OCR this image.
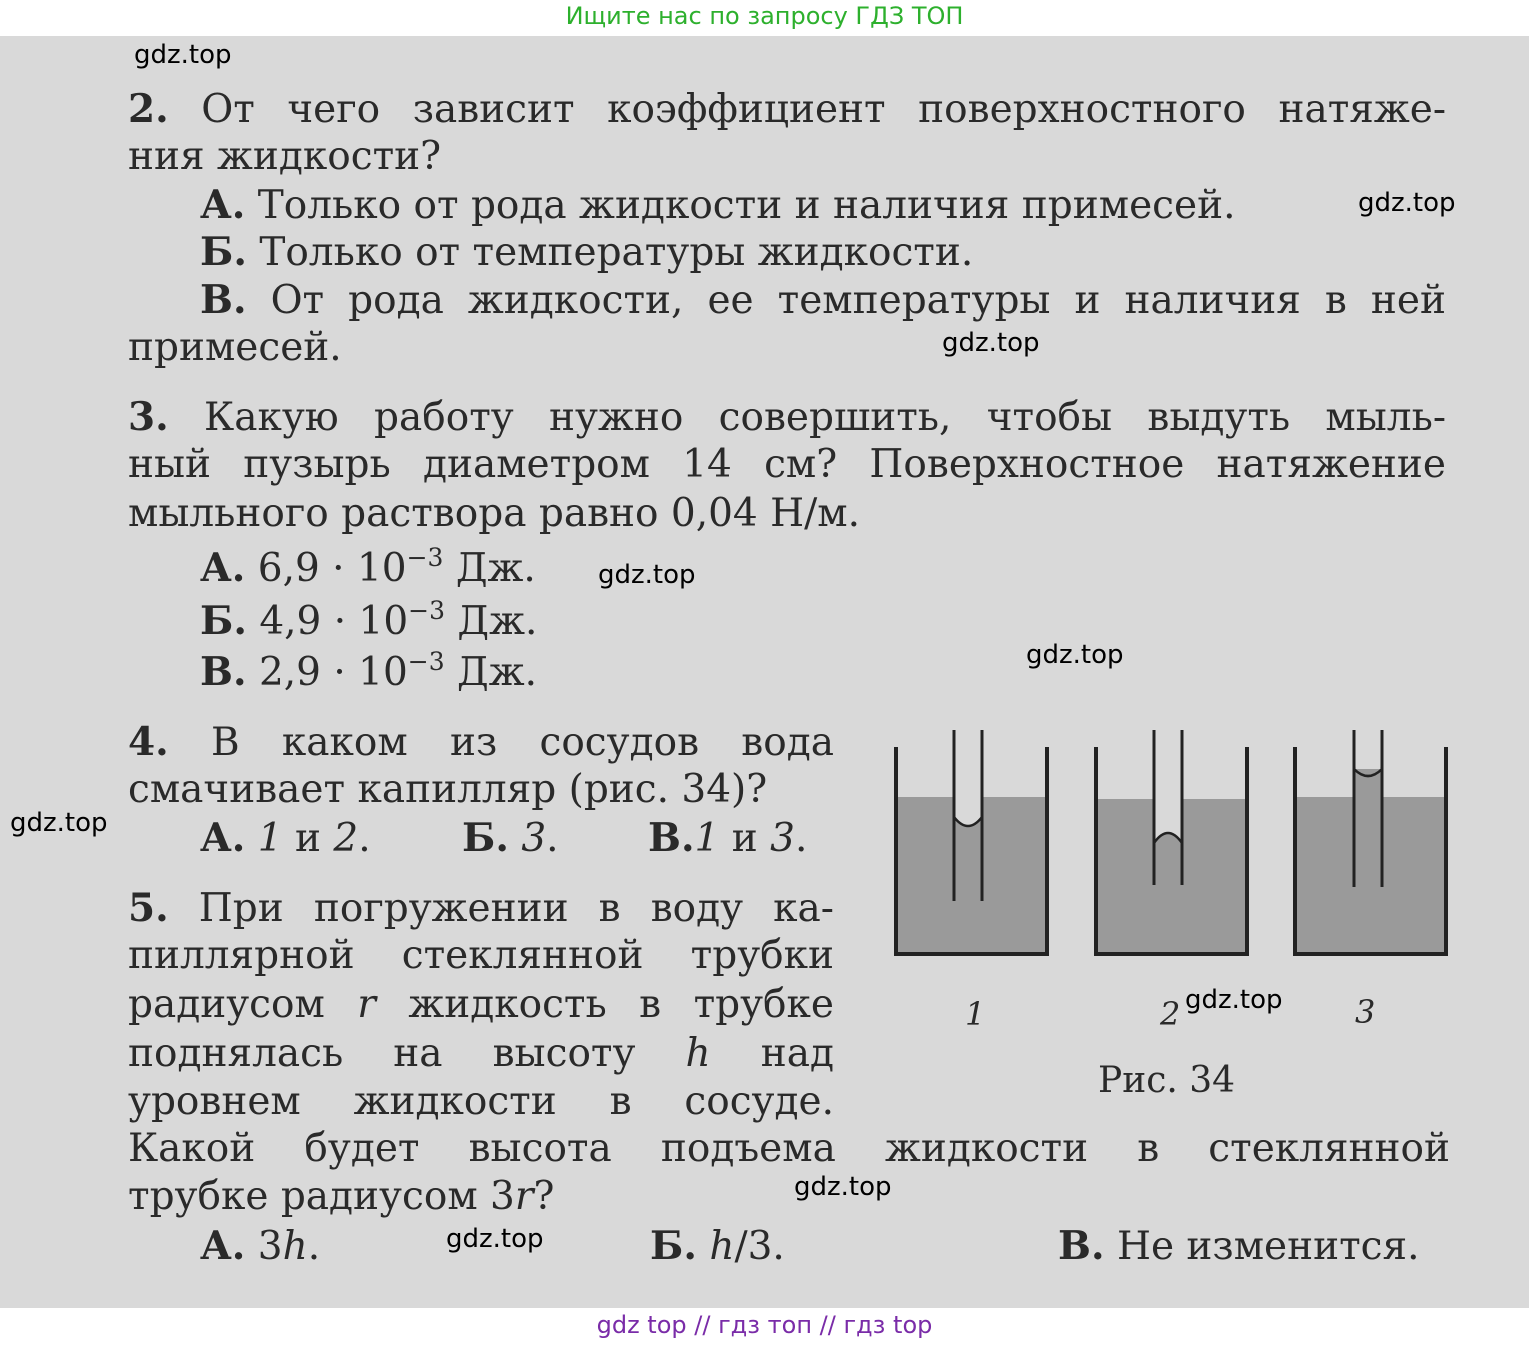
Ищите нас по запросу ГДЗ ТОП
2. От чего зависит коэффициент поверхностного натяже-
ния жидкости?
А. Только от рода жидкости и наличия примесей.
Б. Только от температуры жидкости.
В. От рода жидкости, ее температуры и наличия в ней
примесей.
3. Какую работу нужно совершить, чтобы выдуть мыль-
ный пузырь диаметром 14 см? Поверхностное натяжение
мыльного раствора равно 0,04 Н/м.
А. $6,9 \cdot 10^{-3}$ Дж.
Б. $4,9 \cdot 10^{-3}$ Дж.
В. $2,9 \cdot 10^{-3}$ Дж.
4. В каком из сосудов вода
смачивает капилляр (рис. 34)?
А. 1 и 2. Б. 3. В.1 и 3.
5. При погружении в воду ка-
пиллярной стеклянной трубки
радиусом r жидкость в трубке
поднялась на высоту h над
уровнем жидкости в сосуде.
Какой будет высота подъема жидкости в стеклянной
трубке радиусом 3r?
А. 3h.	Б. h/3.	В. Не изменится.
1	2	3
Рис. 34
gdz.top
gdz.top
gdz.top
gdz.top
gdz.top
gdz.top
gdz.top
gdz.top
gdz.top
gdz top // гдз топ // гдз top
